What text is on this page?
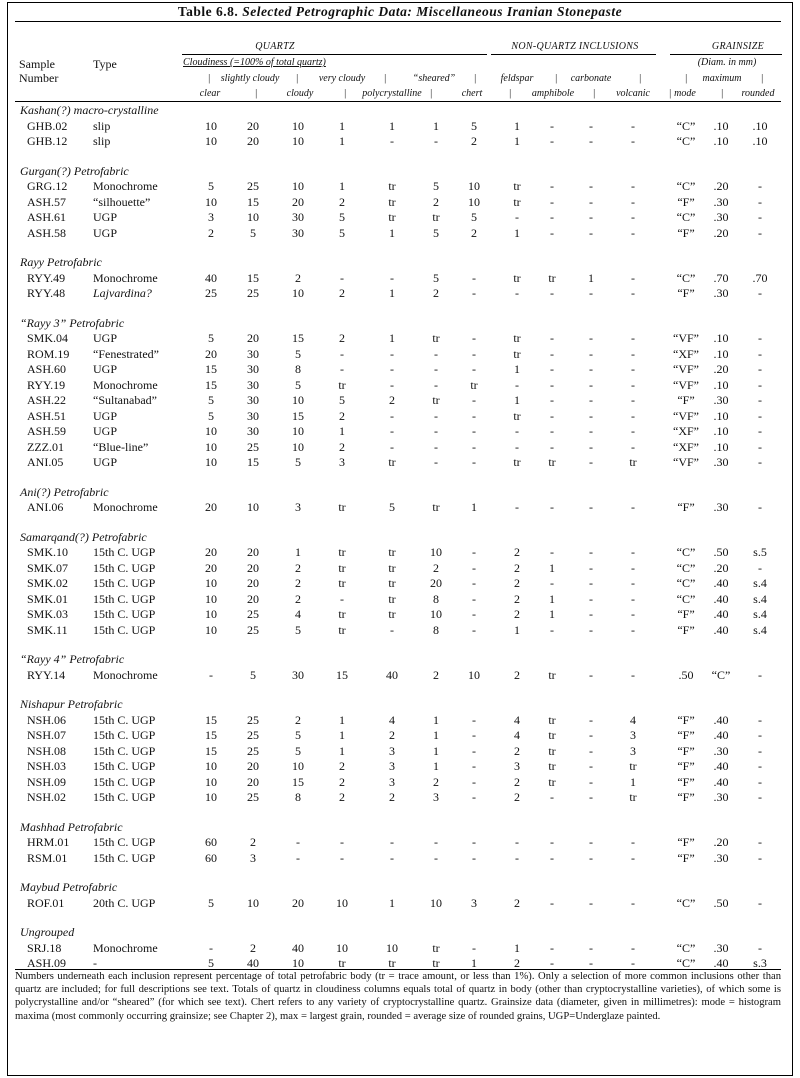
Table 6.8. Selected Petrographic Data: Miscellaneous Iranian Stonepaste
Sample
Number
Type
QUARTZ
Cloudiness (=100% of total quartz)
NON-QUARTZ INCLUSIONS	GRAINSIZE
(Diam. in mm)
slightly cloudy	very cloudy	“sheared”	feldspar	carbonate	maximum
clear	cloudy	polycrystalline	chert	amphibole	volcanic mode	rounded
|	|	|	|	|	|	|	|
|	|	|	|	|	|	|
Kashan(?) macro-crystalline
GHB.02 slip	10	20	10	1	1	1	5	1	-	-	-	“C” .10 .10
GHB.12 slip	10	20	10	1	-	-	2	1	-	-	-	“C” .10 .10
Gurgan(?) Petrofabric
GRG.12 Monochrome	5	25	10	1	tr	5 10	tr -	-	-	“C” .20 -
ASH.57 “silhouette”	10	15	20	2	tr	2 10	tr -	-	-	“F” .30 -
ASH.61 UGP	3	10	30	5	tr	tr	5	-	-	-	-	“C” .30 -
ASH.58 UGP	2	5	30	5	1	5	2	1	-	-	-	“F” .20 -
Rayy Petrofabric
RYY.49 Monochrome	40	15	2	-	-	5	-	tr tr	1	-	“C” .70 .70
RYY.48 Lajvardina?	25	25	10	2	1	2	-	-	-	-	-	“F” .30 -
“Rayy 3” Petrofabric
SMK.04 UGP	5	20	15	2	1	tr	-	tr -	-	-	“VF” .10 -
ROM.19 “Fenestrated”	20	30	5	-	-	-	-	tr -	-	-	“XF” .10 -
ASH.60 UGP	15	30	8	-	-	-	-	1	-	-	-	“VF” .20 -
RYY.19 Monochrome	15	30	5	tr	-	-	tr	-	-	-	-	“VF” .10 -
ASH.22 “Sultanabad”	5	30	10	5	2	tr	-	1	-	-	-	“F” .30 -
ASH.51 UGP	5	30	15	2	-	-	-	tr -	-	-	“VF” .10 -
ASH.59 UGP	10	30	10	1	-	-	-	-	-	-	-	“XF” .10 -
ZZZ.01 “Blue-line”	10	25	10	2	-	-	-	-	-	-	-	“XF” .10 -
ANI.05 UGP	10	15	5	3	tr	-	-	tr tr	-	tr	“VF” .30 -
Ani(?) Petrofabric
ANI.06 Monochrome	20	10	3	tr	5	tr	1	-	-	-	-	“F” .30 -
Samarqand(?) Petrofabric
SMK.10 15th C. UGP	20	20	1	tr	tr	10	-	2	-	-	-	“C” .50 s.5
SMK.07 15th C. UGP	20	20	2	tr	tr	2	-	2 1	-	-	“C” .20 -
SMK.02 15th C. UGP	10	20	2	tr	tr	20	-	2	-	-	-	“C” .40 s.4
SMK.01 15th C. UGP	10	20	2	-	tr	8	-	2 1	-	-	“C” .40 s.4
SMK.03 15th C. UGP	10	25	4	tr	tr	10	-	2 1	-	-	“F” .40 s.4
SMK.11 15th C. UGP	10	25	5	tr	-	8	-	1	-	-	-	“F” .40 s.4
“Rayy 4” Petrofabric
RYY.14 Monochrome	-	5	30	15	40	2 10	2 tr	-	-	.50 “C” -
Nishapur Petrofabric
NSH.06 15th C. UGP	15	25	2	1	4	1	-	4 tr	-	4	“F” .40 -
NSH.07 15th C. UGP	15	25	5	1	2	1	-	4 tr	-	3	“F” .40 -
NSH.08 15th C. UGP	15	25	5	1	3	1	-	2 tr	-	3	“F” .30 -
NSH.03 15th C. UGP	10	20	10	2	3	1	-	3 tr	-	tr	“F” .40 -
NSH.09 15th C. UGP	10	20	15	2	3	2	-	2 tr	-	1	“F” .40 -
NSH.02 15th C. UGP	10	25	8	2	2	3	-	2	-	-	tr	“F” .30 -
Mashhad Petrofabric
HRM.01 15th C. UGP	60	2	-	-	-	-	-	-	-	-	-	“F” .20 -
RSM.01 15th C. UGP	60	3	-	-	-	-	-	-	-	-	-	“F” .30 -
Maybud Petrofabric
ROF.01 20th C. UGP	5	10	20	10	1	10 3	2	-	-	-	“C” .50 -
Ungrouped
SRJ.18	Monochrome	-	2	40	10	10	tr	-	1	-	-	-	“C” .30 -
ASH.09 -	5	40	10	tr	tr	tr	1	2	-	-	-	“C” .40 s.3
Numbers underneath each inclusion represent percentage of total petrofabric body (tr = trace amount, or less than 1%). Only a selection of more common inclusions other than quartz are included; for full descriptions see text. Totals of quartz in cloudiness columns equals total of quartz in body (other than cryptocrystalline varieties), of which some is polycrystalline and/or “sheared” (for which see text). Chert refers to any variety of cryptocrystalline quartz. Grainsize data (diameter, given in millimetres): mode = histogram maxima (most commonly occurring grainsize; see Chapter 2), max = largest grain, rounded = average size of rounded grains, UGP=Underglaze painted.
